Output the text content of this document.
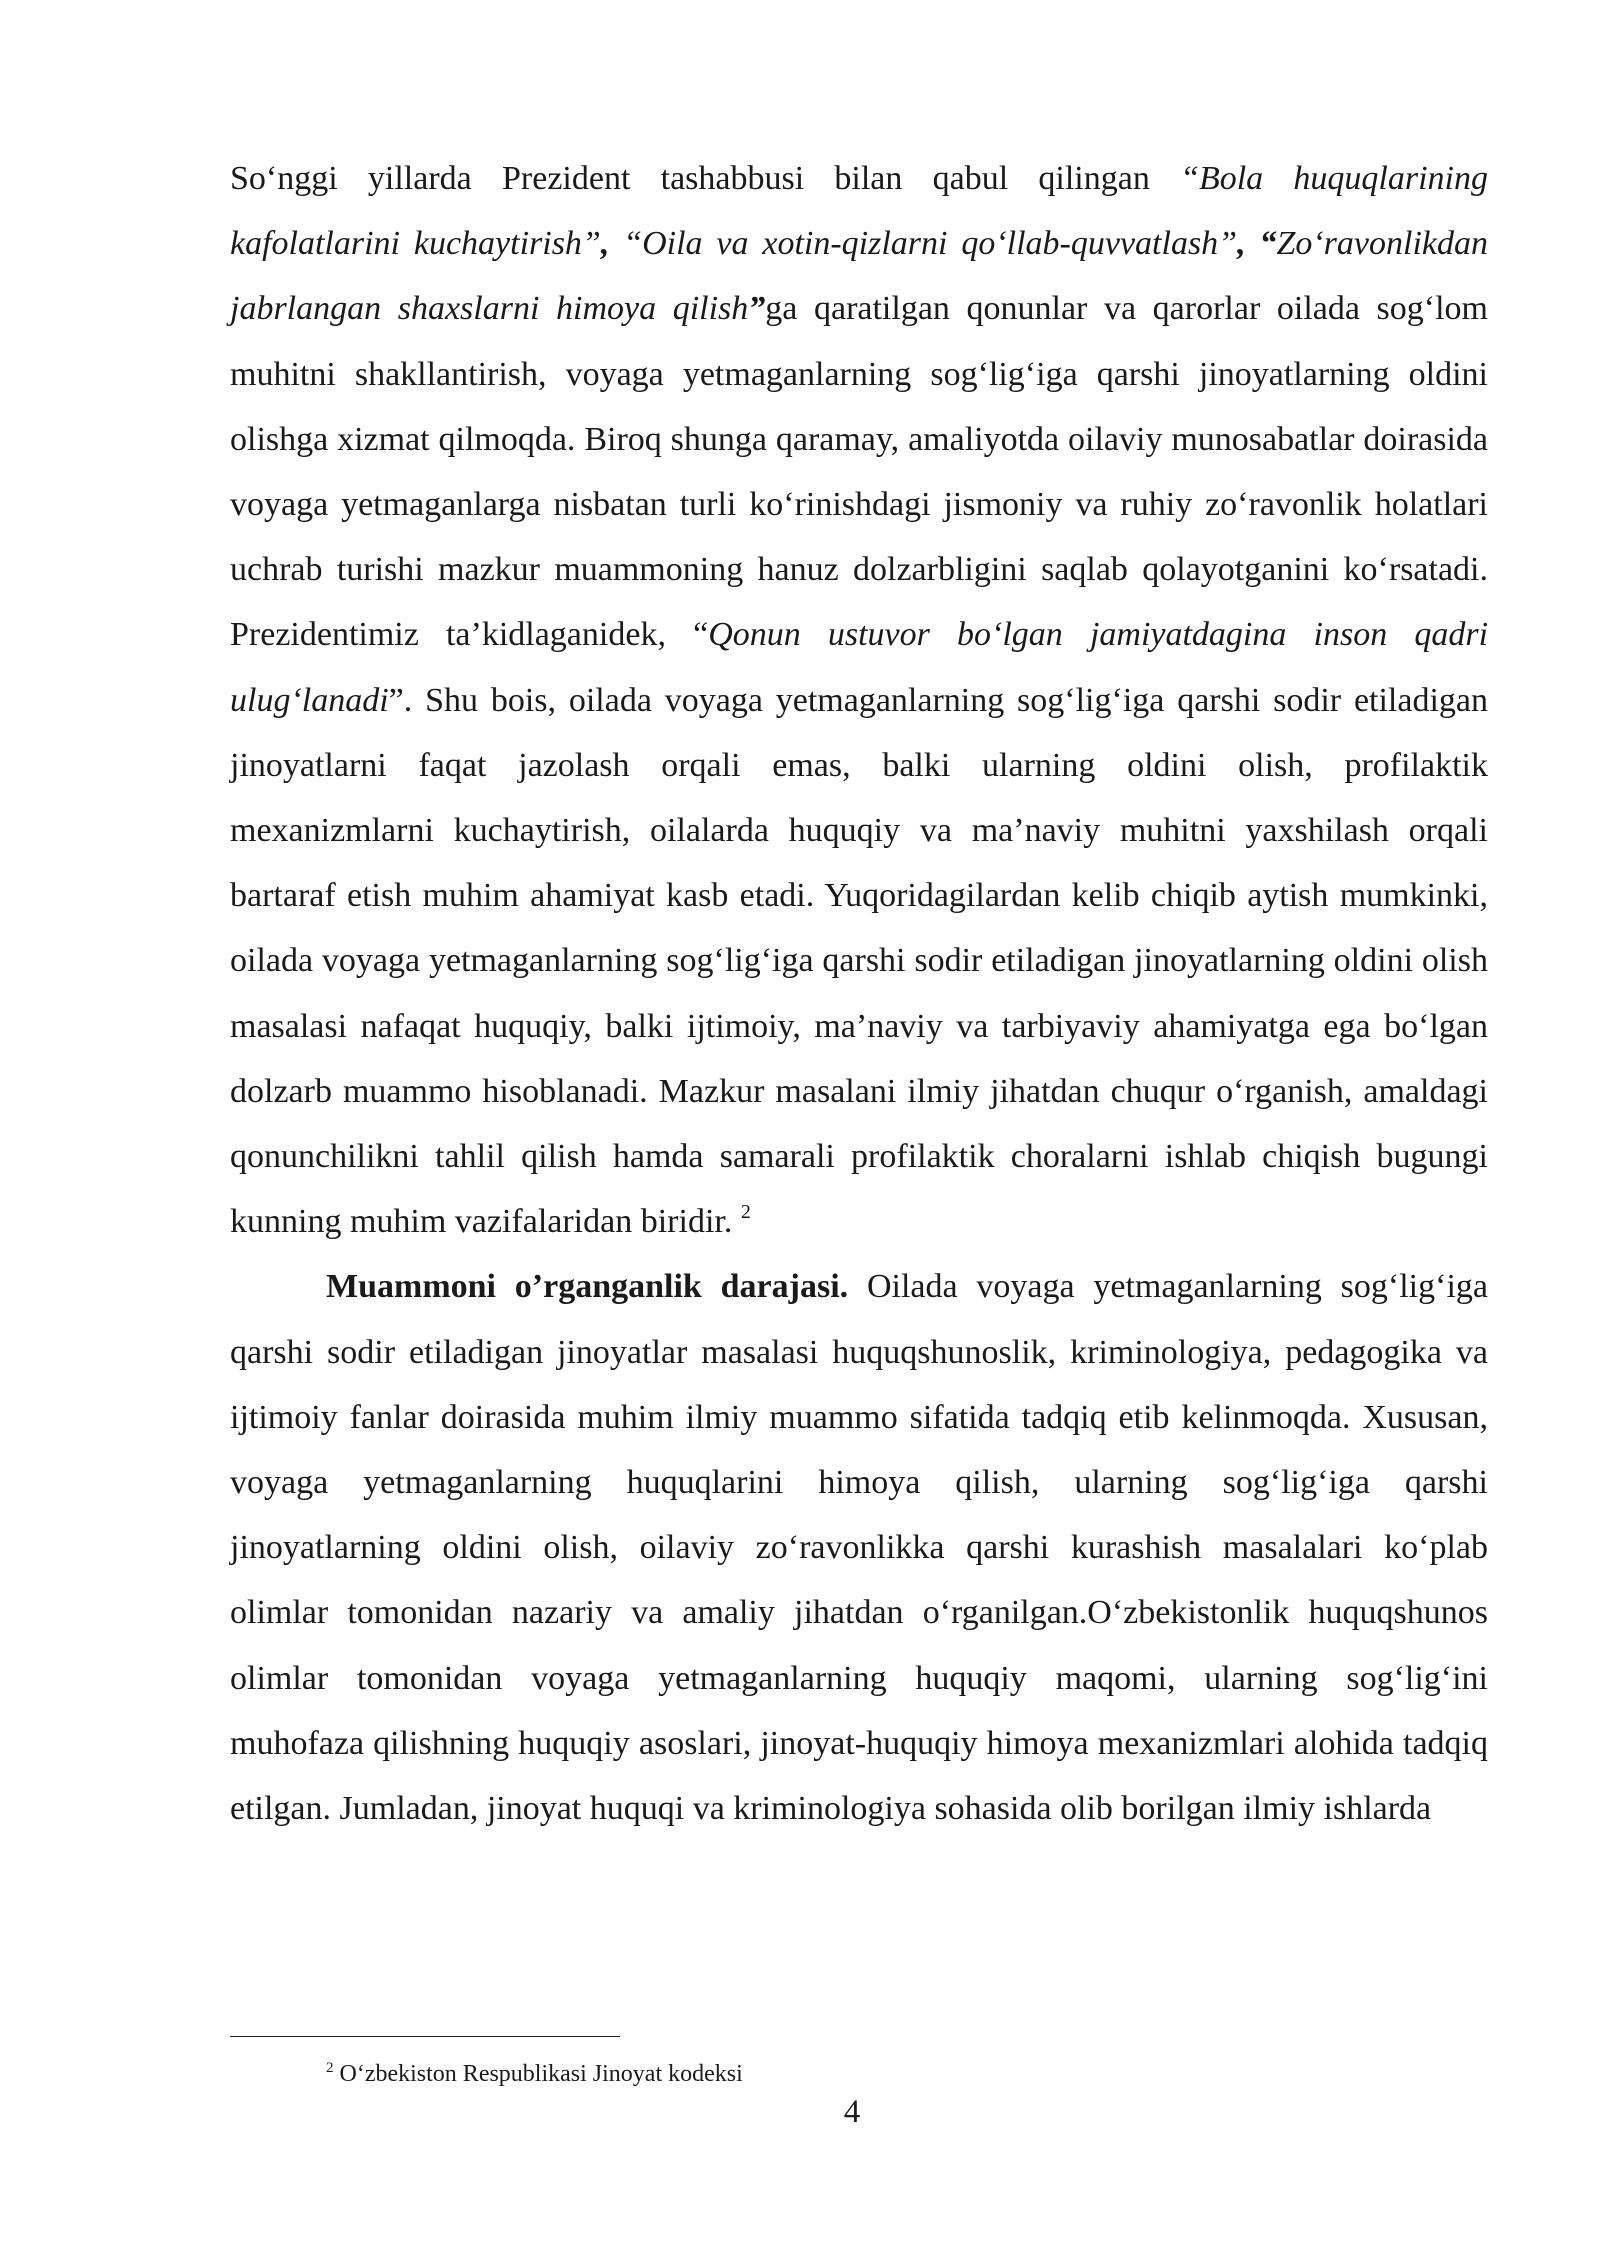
So‘nggi yillarda Prezident tashabbusi bilan qabul qilingan “Bola huquqlarining kafolatlarini kuchaytirish”, “Oila va xotin-qizlarni qo‘llab-quvvatlash”, “Zo‘ravonlikdan jabrlangan shaxslarni himoya qilish”ga qaratilgan qonunlar va qarorlar oilada sog‘lom muhitni shakllantirish, voyaga yetmaganlarning sog‘lig‘iga qarshi jinoyatlarning oldini olishga xizmat qilmoqda. Biroq shunga qaramay, amaliyotda oilaviy munosabatlar doirasida voyaga yetmaganlarga nisbatan turli ko‘rinishdagi jismoniy va ruhiy zo‘ravonlik holatlari uchrab turishi mazkur muammoning hanuz dolzarbligini saqlab qolayotganini ko‘rsatadi. Prezidentimiz ta’kidlaganidek, “Qonun ustuvor bo‘lgan jamiyatdagina inson qadri ulug‘lanadi”. Shu bois, oilada voyaga yetmaganlarning sog‘lig‘iga qarshi sodir etiladigan jinoyatlarni faqat jazolash orqali emas, balki ularning oldini olish, profilaktik mexanizmlarni kuchaytirish, oilalarda huquqiy va ma’naviy muhitni yaxshilash orqali bartaraf etish muhim ahamiyat kasb etadi. Yuqoridagilardan kelib chiqib aytish mumkinki, oilada voyaga yetmaganlarning sog‘lig‘iga qarshi sodir etiladigan jinoyatlarning oldini olish masalasi nafaqat huquqiy, balki ijtimoiy, ma’naviy va tarbiyaviy ahamiyatga ega bo‘lgan dolzarb muammo hisoblanadi. Mazkur masalani ilmiy jihatdan chuqur o‘rganish, amaldagi qonunchilikni tahlil qilish hamda samarali profilaktik choralarni ishlab chiqish bugungi kunning muhim vazifalaridan biridir. $^2$

Muammoni o’rganganlik darajasi. Oilada voyaga yetmaganlarning sog‘lig‘iga qarshi sodir etiladigan jinoyatlar masalasi huquqshunoslik, kriminologiya, pedagogika va ijtimoiy fanlar doirasida muhim ilmiy muammo sifatida tadqiq etib kelinmoqda. Xususan, voyaga yetmaganlarning huquqlarini himoya qilish, ularning sog‘lig‘iga qarshi jinoyatlarning oldini olish, oilaviy zo‘ravonlikka qarshi kurashish masalalari ko‘plab olimlar tomonidan nazariy va amaliy jihatdan o‘rganilgan.O‘zbekistonlik huquqshunos olimlar tomonidan voyaga yetmaganlarning huquqiy maqomi, ularning sog‘lig‘ini muhofaza qilishning huquqiy asoslari, jinoyat-huquqiy himoya mexanizmlari alohida tadqiq etilgan. Jumladan, jinoyat huquqi va kriminologiya sohasida olib borilgan ilmiy ishlarda

$^2$ O‘zbekiston Respublikasi Jinoyat kodeksi
4
